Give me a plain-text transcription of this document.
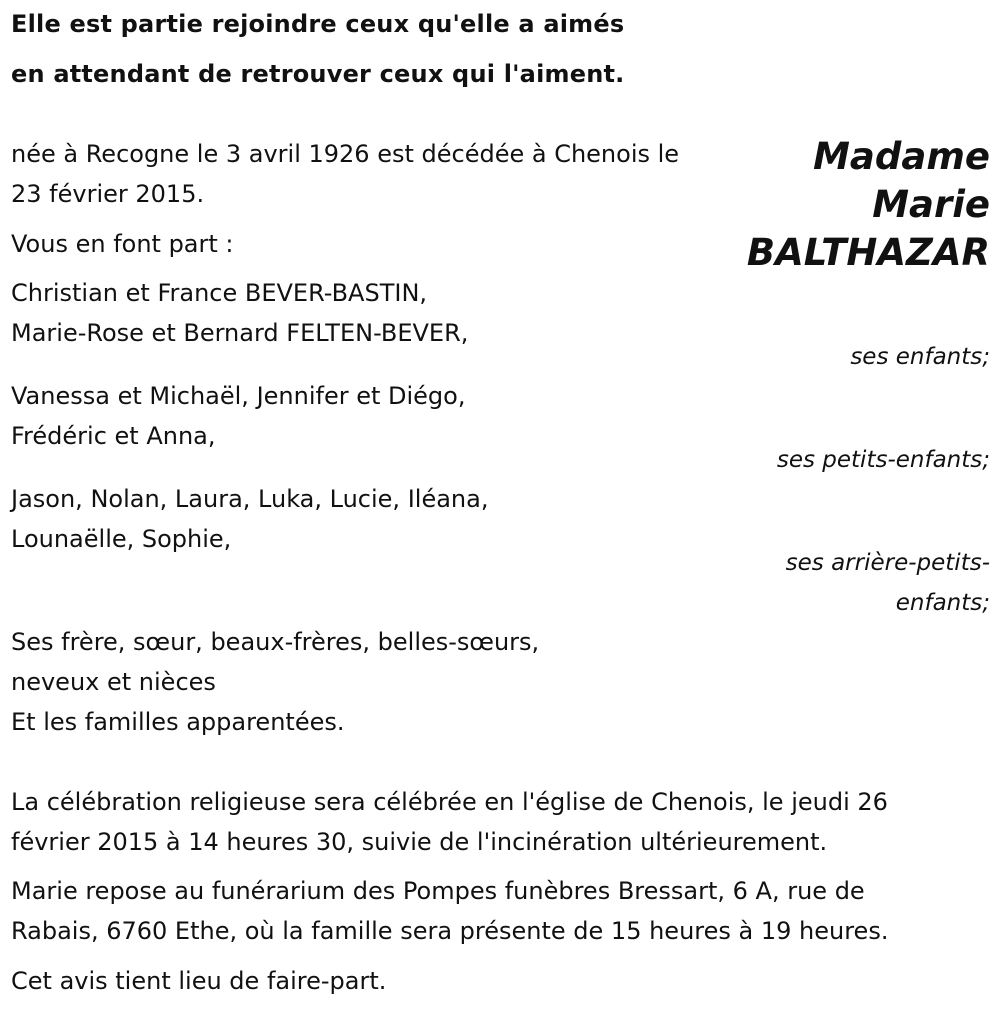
Elle est partie rejoindre ceux qu'elle a aimés
en attendant de retrouver ceux qui l'aiment.
Madame
Marie
BALTHAZAR
née à Recogne le 3 avril 1926 est décédée à Chenois le
23 février 2015.
Vous en font part :
Christian et France BEVER-BASTIN,
Marie-Rose et Bernard FELTEN-BEVER,
Vanessa et Michaël, Jennifer et Diégo,
Frédéric et Anna,
Jason, Nolan, Laura, Luka, Lucie, Iléana,
Lounaëlle, Sophie,
Ses frère, sœur, beaux-frères, belles-sœurs,
neveux et nièces
Et les familles apparentées.
ses enfants;
ses petits-enfants;
ses arrière-petits-
enfants;
La célébration religieuse sera célébrée en l'église de Chenois, le jeudi 26
février 2015 à 14 heures 30, suivie de l'incinération ultérieurement.
Marie repose au funérarium des Pompes funèbres Bressart, 6 A, rue de
Rabais, 6760 Ethe, où la famille sera présente de 15 heures à 19 heures.
Cet avis tient lieu de faire-part.
